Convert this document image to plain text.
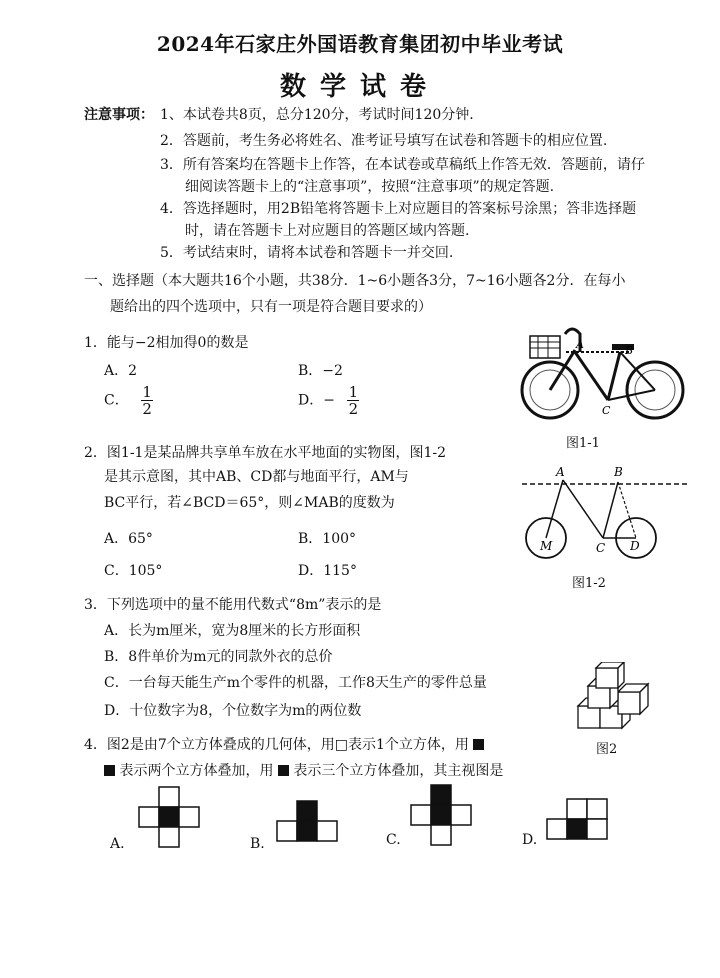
2024年石家庄外国语教育集团初中毕业考试
数学试卷
注意事项： 1、本试卷共8页，总分120分，考试时间120分钟.
2．答题前，考生务必将姓名、准考证号填写在试卷和答题卡的相应位置.
3．所有答案均在答题卡上作答，在本试卷或草稿纸上作答无效．答题前，请仔
细阅读答题卡上的“注意事项”，按照“注意事项”的规定答题.
4．答选择题时，用2B铅笔将答题卡上对应题目的答案标号涂黑；答非选择题
时，请在答题卡上对应题目的答题区域内答题.
5．考试结束时，请将本试卷和答题卡一并交回.
一、选择题（本大题共16个小题，共38分．1~6小题各3分，7~16小题各2分．在每小
题给出的四个选项中，只有一项是符合题目要求的）
1．能与−2相加得0的数是
A．2	B．−2
C． $\frac{1}{2}$	D．− $\frac{1}{2}$
A	B
C
图1-1
2．图1-1是某品牌共享单车放在水平地面的实物图，图1-2
是其示意图，其中AB、CD都与地面平行，AM与
BC平行，若∠BCD＝65°，则∠MAB的度数为
A．65°	B．100°
C．105°	D．115°
A	B
M	C D
图1-2
3．下列选项中的量不能用代数式“8m”表示的是
A．长为m厘米，宽为8厘米的长方形面积
B．8件单价为m元的同款外衣的总价
C．一台每天能生产m个零件的机器，工作8天生产的零件总量
D．十位数字为8，个位数字为m的两位数
图2
4．图2是由7个立方体叠成的几何体，用□表示1个立方体，用
表示两个立方体叠加，用 表示三个立方体叠加，其主视图是
A.	B.	C.	D.
